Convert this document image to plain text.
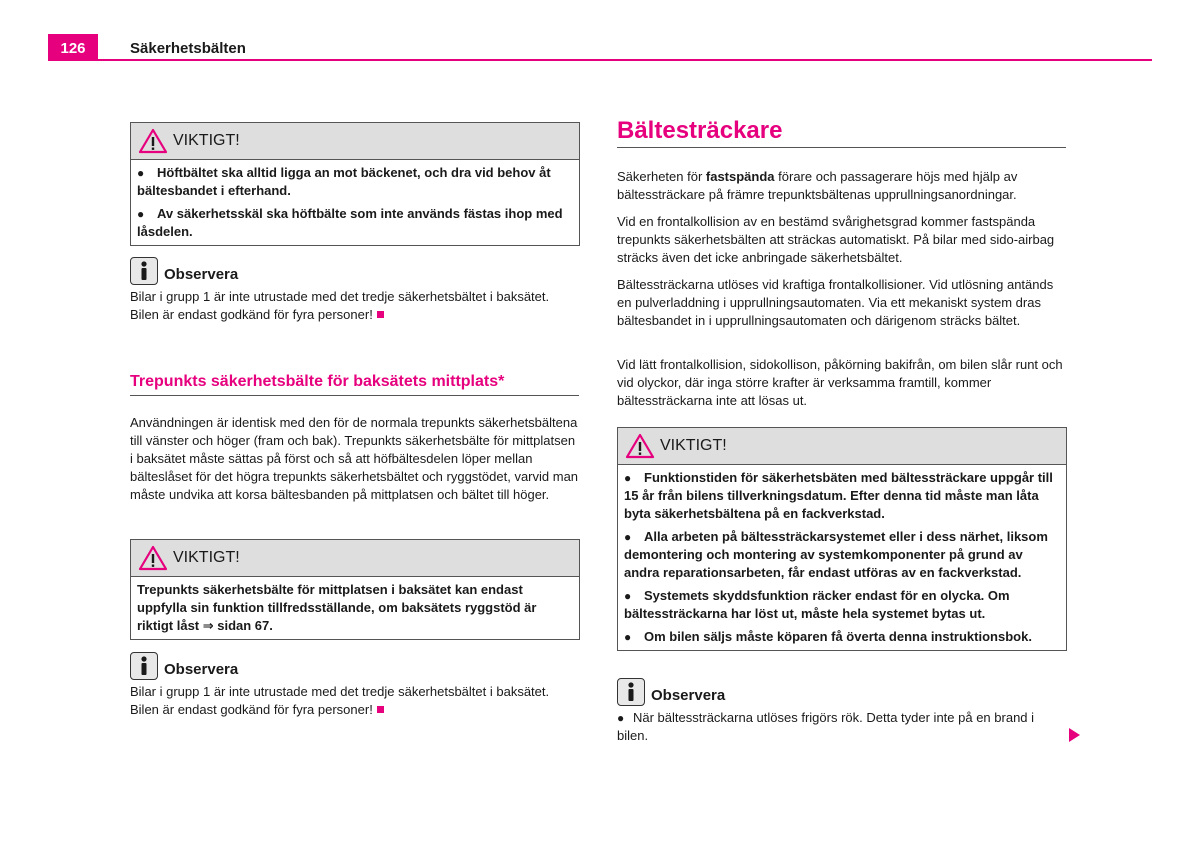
126	Säkerhetsbälten
VIKTIGT!
● Höftbältet ska alltid ligga an mot bäckenet, och dra vid behov åt bältesbandet i efterhand.
● Av säkerhetsskäl ska höftbälte som inte används fästas ihop med låsdelen.
Observera
Bilar i grupp 1 är inte utrustade med det tredje säkerhetsbältet i baksätet. Bilen är endast godkänd för fyra personer!
Trepunkts säkerhetsbälte för baksätets mittplats*
Användningen är identisk med den för de normala trepunkts säkerhetsbältena till vänster och höger (fram och bak). Trepunkts säkerhetsbälte för mittplatsen i baksätet måste sättas på först och så att höfbältesdelen löper mellan bälteslåset för det högra trepunkts säkerhetsbältet och ryggstödet, varvid man måste undvika att korsa bältesbanden på mittplatsen och bältet till höger.
VIKTIGT!
Trepunkts säkerhetsbälte för mittplatsen i baksätet kan endast uppfylla sin funktion tillfredsställande, om baksätets ryggstöd är riktigt låst ⇒ sidan 67.
Observera
Bilar i grupp 1 är inte utrustade med det tredje säkerhetsbältet i baksätet. Bilen är endast godkänd för fyra personer!
Bältesträckare
Säkerheten för fastspända förare och passagerare höjs med hjälp av bältessträckare på främre trepunktsbältenas upprullningsanordningar.
Vid en frontalkollision av en bestämd svårighetsgrad kommer fastspända trepunkts säkerhetsbälten att sträckas automatiskt. På bilar med sido-airbag sträcks även det icke anbringade säkerhetsbältet.
Bältessträckarna utlöses vid kraftiga frontalkollisioner. Vid utlösning antänds en pulverladdning i upprullningsautomaten. Via ett mekaniskt system dras bältesbandet in i upprullningsautomaten och därigenom sträcks bältet.
Vid lätt frontalkollision, sidokollison, påkörning bakifrån, om bilen slår runt och vid olyckor, där inga större krafter är verksamma framtill, kommer bältessträckarna inte att lösas ut.
VIKTIGT!
● Funktionstiden för säkerhetsbäten med bältessträckare uppgår till 15 år från bilens tillverkningsdatum. Efter denna tid måste man låta byta säkerhetsbältena på en fackverkstad.
● Alla arbeten på bältessträckarsystemet eller i dess närhet, liksom demontering och montering av systemkomponenter på grund av andra reparationsarbeten, får endast utföras av en fackverkstad.
● Systemets skyddsfunktion räcker endast för en olycka. Om bältessträckarna har löst ut, måste hela systemet bytas ut.
● Om bilen säljs måste köparen få överta denna instruktionsbok.
Observera
● När bältessträckarna utlöses frigörs rök. Detta tyder inte på en brand i bilen.
